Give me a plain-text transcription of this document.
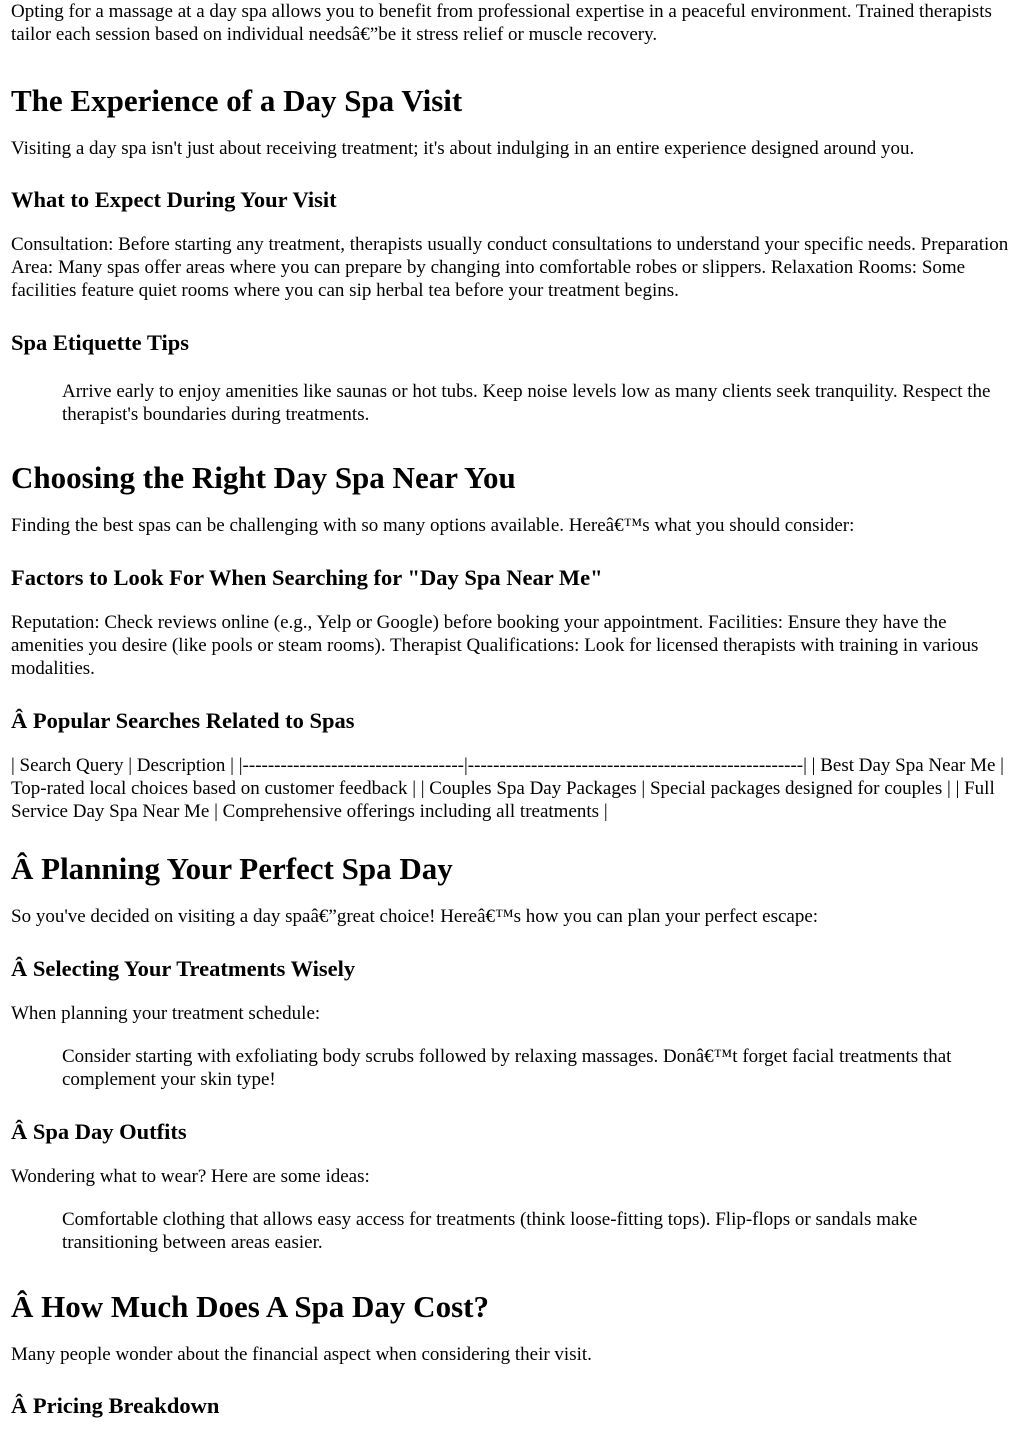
Opting for a massage at a day spa allows you to benefit from professional expertise in a peaceful environment. Trained therapists tailor each session based on individual needsâ€”be it stress relief or muscle recovery.

The Experience of a Day Spa Visit

Visiting a day spa isn't just about receiving treatment; it's about indulging in an entire experience designed around you.

What to Expect During Your Visit

Consultation: Before starting any treatment, therapists usually conduct consultations to understand your specific needs. Preparation Area: Many spas offer areas where you can prepare by changing into comfortable robes or slippers. Relaxation Rooms: Some facilities feature quiet rooms where you can sip herbal tea before your treatment begins.

Spa Etiquette Tips
Arrive early to enjoy amenities like saunas or hot tubs. Keep noise levels low as many clients seek tranquility. Respect the therapist's boundaries during treatments.
Choosing the Right Day Spa Near You

Finding the best spas can be challenging with so many options available. Hereâ€™s what you should consider:

Factors to Look For When Searching for "Day Spa Near Me"

Reputation: Check reviews online (e.g., Yelp or Google) before booking your appointment. Facilities: Ensure they have the amenities you desire (like pools or steam rooms). Therapist Qualifications: Look for licensed therapists with training in various modalities.

Â Popular Searches Related to Spas

| Search Query | Description | |-----------------------------------|-----------------------------------------------------| | Best Day Spa Near Me | Top-rated local choices based on customer feedback | | Couples Spa Day Packages | Special packages designed for couples | | Full Service Day Spa Near Me | Comprehensive offerings including all treatments |

Â Planning Your Perfect Spa Day

So you've decided on visiting a day spaâ€”great choice! Hereâ€™s how you can plan your perfect escape:

Â Selecting Your Treatments Wisely

When planning your treatment schedule:

Consider starting with exfoliating body scrubs followed by relaxing massages. Donâ€™t forget facial treatments that complement your skin type!
Â Spa Day Outfits

Wondering what to wear? Here are some ideas:

Comfortable clothing that allows easy access for treatments (think loose-fitting tops). Flip-flops or sandals make transitioning between areas easier.
Â How Much Does A Spa Day Cost?

Many people wonder about the financial aspect when considering their visit.

Â Pricing Breakdown
